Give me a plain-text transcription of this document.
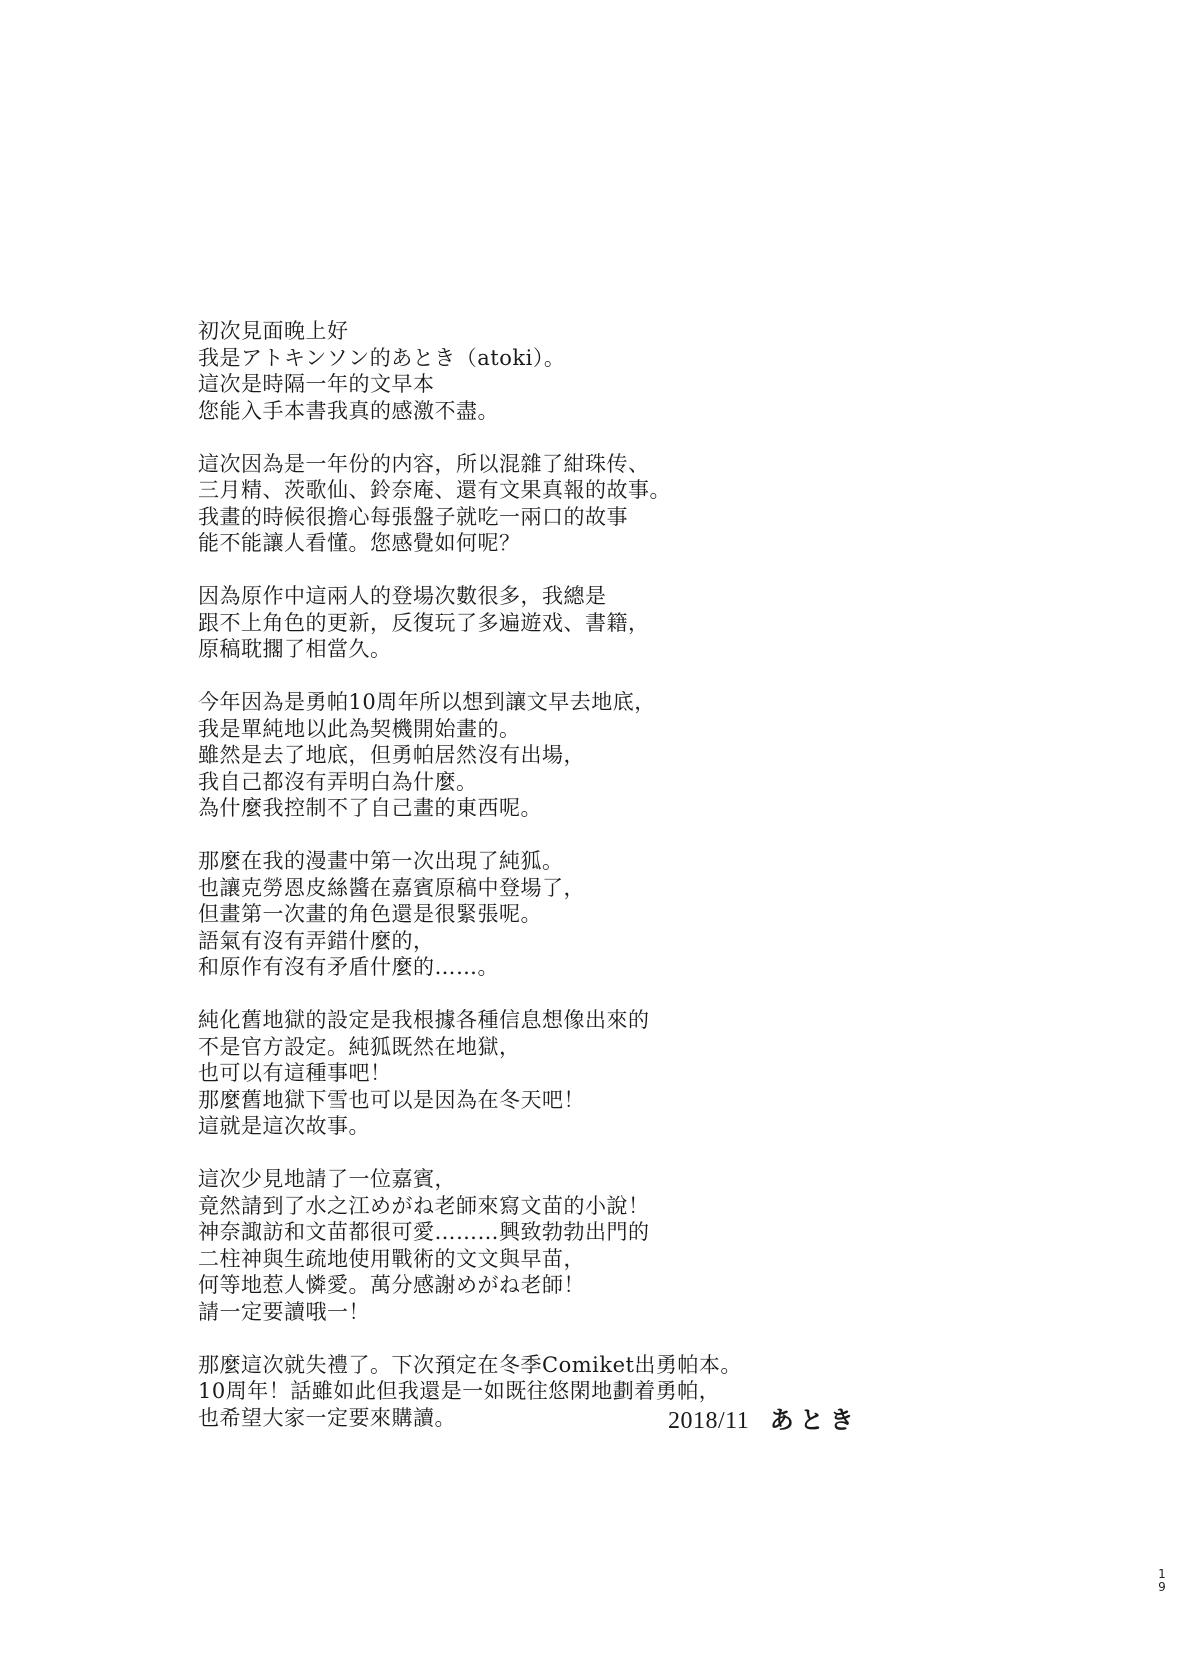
初次見面晚上好
我是アトキンソン的あとき（atoki）。
這次是時隔一年的文早本
您能入手本書我真的感激不盡。
這次因為是一年份的内容，所以混雜了紺珠传、
三月精、茨歌仙、鈴奈庵、還有文果真報的故事。
我畫的時候很擔心每張盤子就吃一兩口的故事
能不能讓人看懂。您感覺如何呢？
因為原作中這兩人的登場次數很多，我總是
跟不上角色的更新，反復玩了多遍遊戏、書籍，
原稿耽擱了相當久。
今年因為是勇帕10周年所以想到讓文早去地底，
我是單純地以此為契機開始畫的。
雖然是去了地底，但勇帕居然沒有出場，
我自己都沒有弄明白為什麼。
為什麼我控制不了自己畫的東西呢。
那麼在我的漫畫中第一次出現了純狐。
也讓克勞恩皮絲醬在嘉賓原稿中登場了，
但畫第一次畫的角色還是很緊張呢。
語氣有沒有弄錯什麼的，
和原作有沒有矛盾什麼的……。
純化舊地獄的設定是我根據各種信息想像出來的
不是官方設定。純狐既然在地獄，
也可以有這種事吧！
那麼舊地獄下雪也可以是因為在冬天吧！
這就是這次故事。
這次少見地請了一位嘉賓，
竟然請到了水之江めがね老師來寫文苗的小說！
神奈諏訪和文苗都很可愛………興致勃勃出門的
二柱神與生疏地使用戰術的文文與早苗，
何等地惹人憐愛。萬分感謝めがね老師！
請一定要讀哦一！
那麼這次就失禮了。下次預定在冬季Comiket出勇帕本。
10周年！話雖如此但我還是一如既往悠閑地劃着勇帕，
也希望大家一定要來購讀。	2018/11 あとき
1
9
